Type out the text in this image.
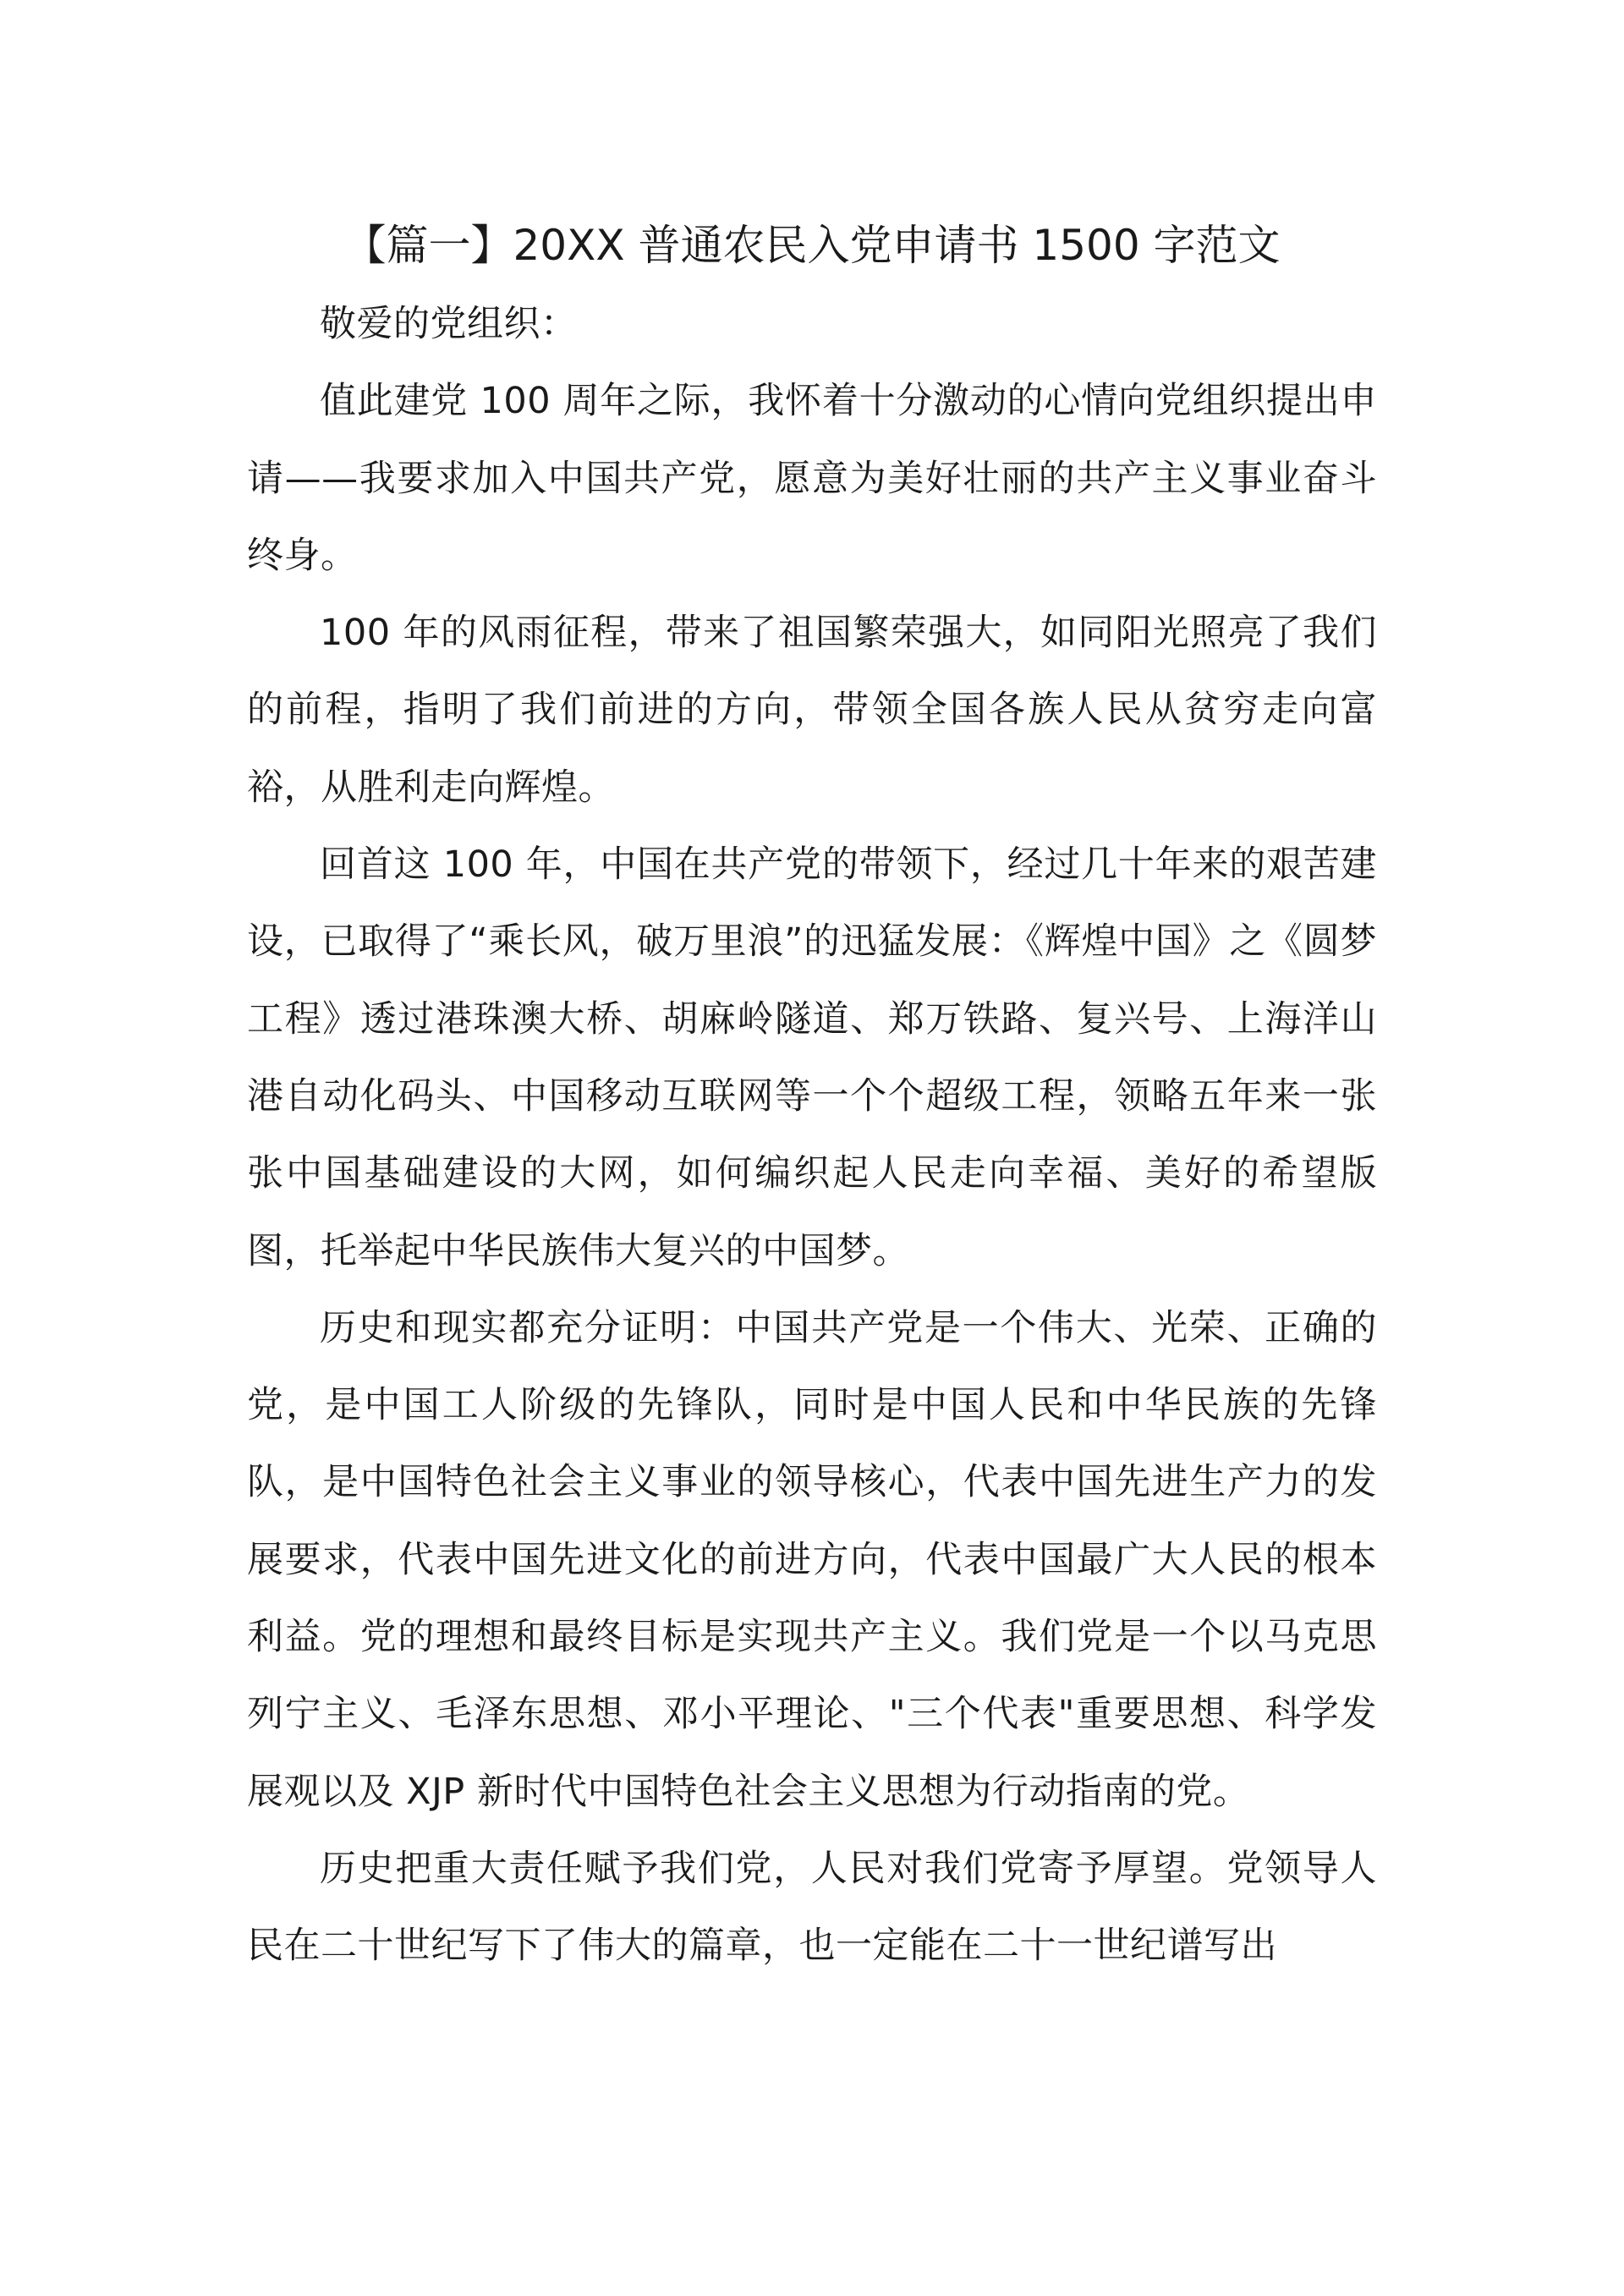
【篇一】20XX 普通农民入党申请书 1500 字范文

敬爱的党组织：

值此建党 100 周年之际，我怀着十分激动的心情向党组织提出申请——我要求加入中国共产党，愿意为美好壮丽的共产主义事业奋斗终身。

100 年的风雨征程，带来了祖国繁荣强大，如同阳光照亮了我们的前程，指明了我们前进的方向，带领全国各族人民从贫穷走向富裕，从胜利走向辉煌。

回首这 100 年，中国在共产党的带领下，经过几十年来的艰苦建设，已取得了“乘长风，破万里浪”的迅猛发展：《辉煌中国》之《圆梦工程》透过港珠澳大桥、胡麻岭隧道、郑万铁路、复兴号、上海洋山港自动化码头、中国移动互联网等一个个超级工程，领略五年来一张张中国基础建设的大网，如何编织起人民走向幸福、美好的希望版图，托举起中华民族伟大复兴的中国梦。

历史和现实都充分证明：中国共产党是一个伟大、光荣、正确的党，是中国工人阶级的先锋队，同时是中国人民和中华民族的先锋队，是中国特色社会主义事业的领导核心，代表中国先进生产力的发展要求，代表中国先进文化的前进方向，代表中国最广大人民的根本利益。党的理想和最终目标是实现共产主义。我们党是一个以马克思列宁主义、毛泽东思想、邓小平理论、"三个代表"重要思想、科学发展观以及 XJP 新时代中国特色社会主义思想为行动指南的党。

历史把重大责任赋予我们党，人民对我们党寄予厚望。党领导人民在二十世纪写下了伟大的篇章，也一定能在二十一世纪谱写出
